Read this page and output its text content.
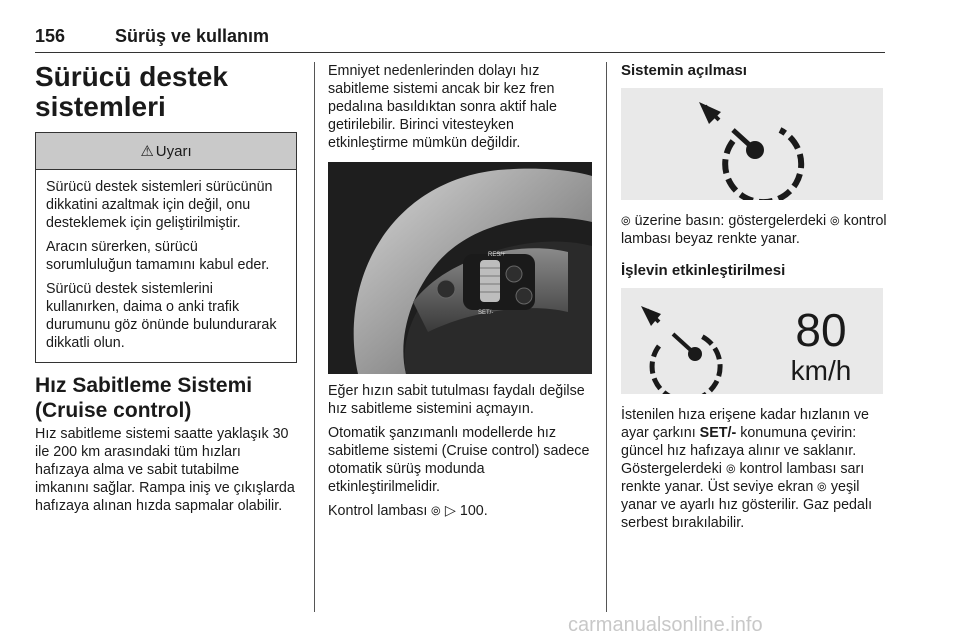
156	Sürüş ve kullanım
Sürücü destek sistemleri
⚠ Uyarı

Sürücü destek sistemleri sürücünün dikkatini azaltmak için değil, onu desteklemek için geliştirilmiştir.

Aracın sürerken, sürücü sorumluluğun tamamını kabul eder.

Sürücü destek sistemlerini kullanırken, daima o anki trafik durumunu göz önünde bulundurarak dikkatli olun.

Hız Sabitleme Sistemi (Cruise control)

Hız sabitleme sistemi saatte yaklaşık 30 ile 200 km arasındaki tüm hızları hafızaya alma ve sabit tutabilme imkanını sağlar. Rampa iniş ve çıkışlarda hafızaya alınan hızda sapmalar olabilir.

Emniyet nedenlerinden dolayı hız sabitleme sistemi ancak bir kez fren pedalına basıldıktan sonra aktif hale getirilebilir. Birinci vitesteyken etkinleştirme mümkün değildir.

RES/+
SET/-

Eğer hızın sabit tutulması faydalı değilse hız sabitleme sistemini açmayın.

Otomatik şanzımanlı modellerde hız sabitleme sistemi (Cruise control) sadece otomatik sürüş modunda etkinleştirilmelidir.

Kontrol lambası ⦾ ▷ 100.

Sistemin açılması

⦾ üzerine basın: göstergelerdeki ⦾ kontrol lambası beyaz renkte yanar.

İşlevin etkinleştirilmesi
80
km/h

İstenilen hıza erişene kadar hızlanın ve ayar çarkını SET/- konumuna çevirin: güncel hız hafızaya alınır ve saklanır. Göstergelerdeki ⦾ kontrol lambası sarı renkte yanar. Üst seviye ekran ⦾ yeşil yanar ve ayarlı hız gösterilir. Gaz pedalı serbest bırakılabilir.

carmanualsonline.info
